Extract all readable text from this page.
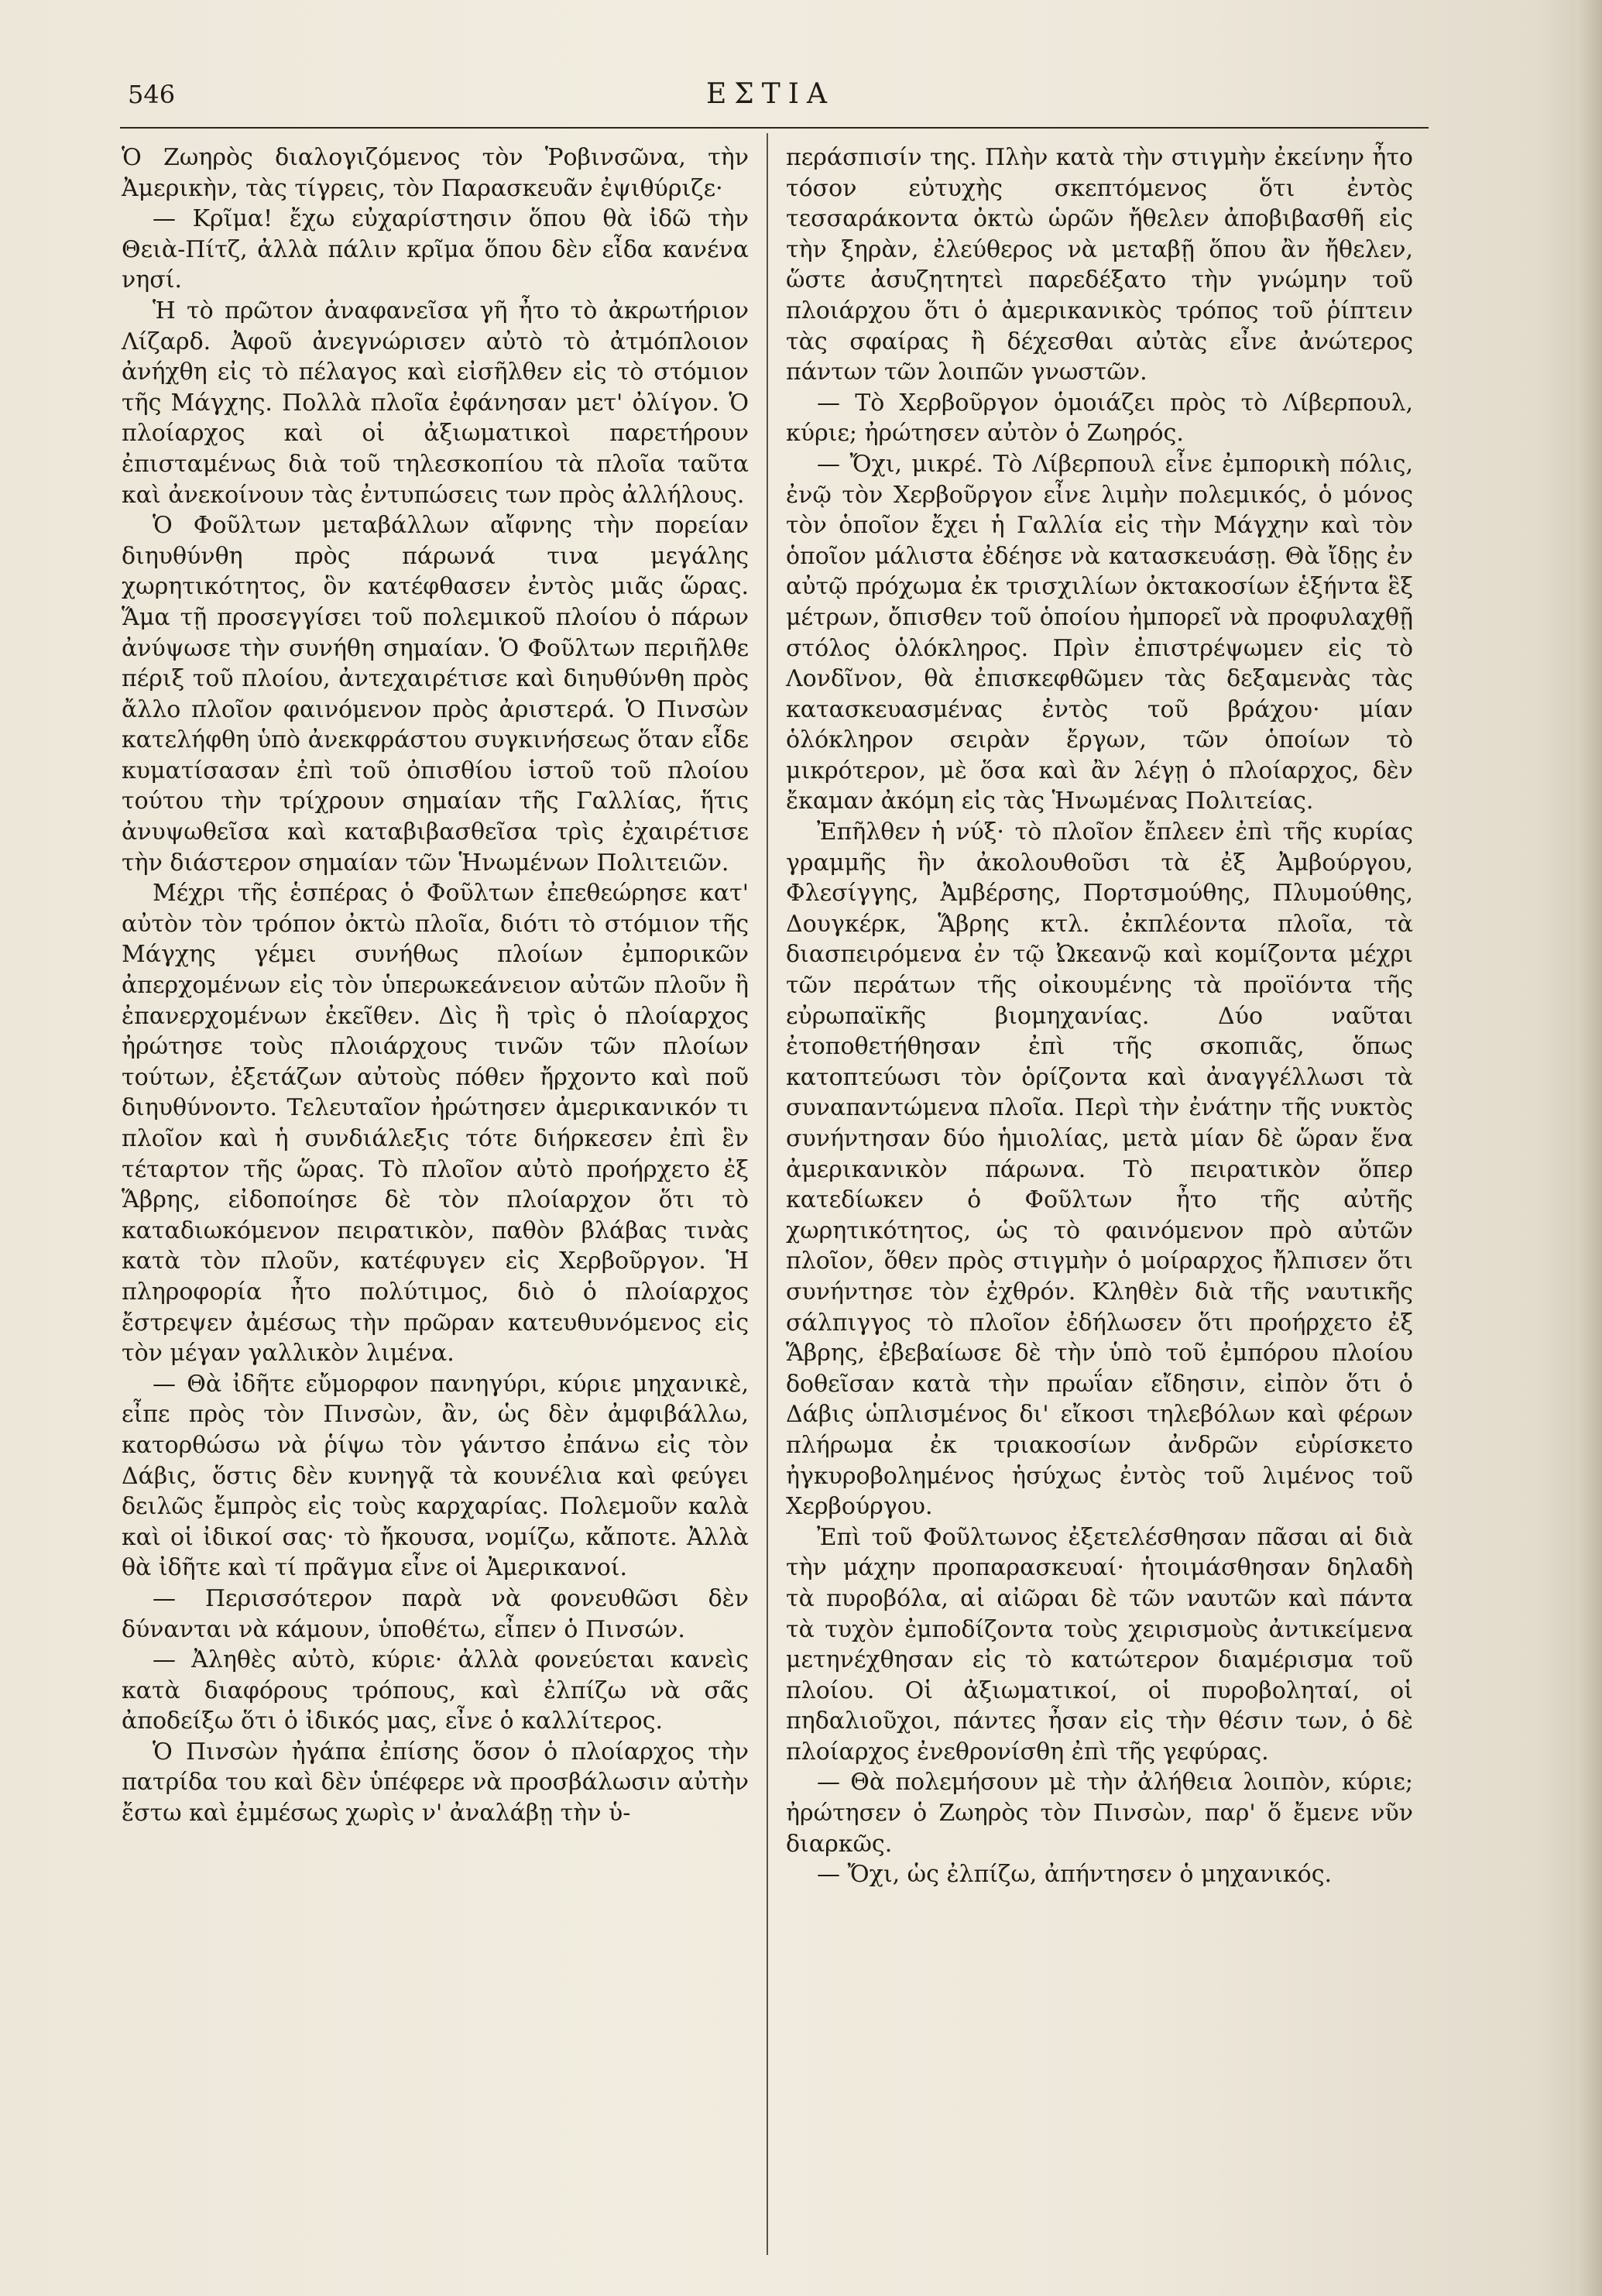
546	ΕΣΤΙΑ

Ὁ Ζωηρὸς διαλογιζόμενος τὸν Ῥοβινσῶνα, τὴν Ἀμερικὴν, τὰς τίγρεις, τὸν Παρασκευᾶν ἐψιθύριζε·

— Κρῖμα! ἔχω εὐχαρίστησιν ὅπου θὰ ἰδῶ τὴν Θειὰ-Πίτζ, ἀλλὰ πάλιν κρῖμα ὅπου δὲν εἶδα κανένα νησί.

Ἡ τὸ πρῶτον ἀναφανεῖσα γῆ ἦτο τὸ ἀκρωτήριον Λίζαρδ. Ἀφοῦ ἀνεγνώρισεν αὐτὸ τὸ ἀτμόπλοιον ἀνήχθη εἰς τὸ πέλαγος καὶ εἰσῆλθεν εἰς τὸ στόμιον τῆς Μάγχης. Πολλὰ πλοῖα ἐφάνησαν μετ' ὀλίγον. Ὁ πλοίαρχος καὶ οἱ ἀξιωματικοὶ παρετήρουν ἐπισταμένως διὰ τοῦ τηλεσκοπίου τὰ πλοῖα ταῦτα καὶ ἀνεκοίνουν τὰς ἐντυπώσεις των πρὸς ἀλλήλους.

Ὁ Φοῦλτων μεταβάλλων αἴφνης τὴν πορείαν διηυθύνθη πρὸς πάρωνά τινα μεγάλης χωρητικότητος, ὃν κατέφθασεν ἐντὸς μιᾶς ὥρας. Ἅμα τῇ προσεγγίσει τοῦ πολεμικοῦ πλοίου ὁ πάρων ἀνύψωσε τὴν συνήθη σημαίαν. Ὁ Φοῦλτων περιῆλθε πέριξ τοῦ πλοίου, ἀντεχαιρέτισε καὶ διηυθύνθη πρὸς ἄλλο πλοῖον φαινόμενον πρὸς ἀριστερά. Ὁ Πινσὼν κατελήφθη ὑπὸ ἀνεκφράστου συγκινήσεως ὅταν εἶδε κυματίσασαν ἐπὶ τοῦ ὀπισθίου ἱστοῦ τοῦ πλοίου τούτου τὴν τρίχρουν σημαίαν τῆς Γαλλίας, ἥτις ἀνυψωθεῖσα καὶ καταβιβασθεῖσα τρὶς ἐχαιρέτισε τὴν διάστερον σημαίαν τῶν Ἡνωμένων Πολιτειῶν.

Μέχρι τῆς ἑσπέρας ὁ Φοῦλτων ἐπεθεώρησε κατ' αὐτὸν τὸν τρόπον ὀκτὼ πλοῖα, διότι τὸ στόμιον τῆς Μάγχης γέμει συνήθως πλοίων ἐμπορικῶν ἀπερχομένων εἰς τὸν ὑπερωκεάνειον αὐτῶν πλοῦν ἢ ἐπανερχομένων ἐκεῖθεν. Δὶς ἢ τρὶς ὁ πλοίαρχος ἠρώτησε τοὺς πλοιάρχους τινῶν τῶν πλοίων τούτων, ἐξετάζων αὐτοὺς πόθεν ἤρχοντο καὶ ποῦ διηυθύνοντο. Τελευταῖον ἠρώτησεν ἀμερικανικόν τι πλοῖον καὶ ἡ συνδιάλεξις τότε διήρκεσεν ἐπὶ ἓν τέταρτον τῆς ὥρας. Τὸ πλοῖον αὐτὸ προήρχετο ἐξ Ἅβρης, εἰδοποίησε δὲ τὸν πλοίαρχον ὅτι τὸ καταδιωκόμενον πειρατικὸν, παθὸν βλάβας τινὰς κατὰ τὸν πλοῦν, κατέφυγεν εἰς Χερβοῦργον. Ἡ πληροφορία ἦτο πολύτιμος, διὸ ὁ πλοίαρχος ἔστρεψεν ἀμέσως τὴν πρῶραν κατευθυνόμενος εἰς τὸν μέγαν γαλλικὸν λιμένα.

— Θὰ ἰδῆτε εὔμορφον πανηγύρι, κύριε μηχανικὲ, εἶπε πρὸς τὸν Πινσὼν, ἂν, ὡς δὲν ἀμφιβάλλω, κατορθώσω νὰ ῥίψω τὸν γάντσο ἐπάνω εἰς τὸν Δάβις, ὅστις δὲν κυνηγᾷ τὰ κουνέλια καὶ φεύγει δειλῶς ἔμπρὸς εἰς τοὺς καρχαρίας. Πολεμοῦν καλὰ καὶ οἱ ἰδικοί σας· τὸ ἤκουσα, νομίζω, κἄποτε. Ἀλλὰ θὰ ἰδῆτε καὶ τί πρᾶγμα εἶνε οἱ Ἀμερικανοί.

— Περισσότερον παρὰ νὰ φονευθῶσι δὲν δύνανται νὰ κάμουν, ὑποθέτω, εἶπεν ὁ Πινσών.

— Ἀληθὲς αὐτὸ, κύριε· ἀλλὰ φονεύεται κανεὶς κατὰ διαφόρους τρόπους, καὶ ἐλπίζω νὰ σᾶς ἀποδείξω ὅτι ὁ ἰδικός μας, εἶνε ὁ καλλίτερος.

Ὁ Πινσὼν ἠγάπα ἐπίσης ὅσον ὁ πλοίαρχος τὴν πατρίδα του καὶ δὲν ὑπέφερε νὰ προσβάλωσιν αὐτὴν ἔστω καὶ ἐμμέσως χωρὶς ν' ἀναλάβῃ τὴν ὑ-

περάσπισίν της. Πλὴν κατὰ τὴν στιγμὴν ἐκείνην ἦτο τόσον εὐτυχὴς σκεπτόμενος ὅτι ἐντὸς τεσσαράκοντα ὀκτὼ ὡρῶν ἤθελεν ἀποβιβασθῆ εἰς τὴν ξηρὰν, ἐλεύθερος νὰ μεταβῇ ὅπου ἂν ἤθελεν, ὥστε ἀσυζητητεὶ παρεδέξατο τὴν γνώμην τοῦ πλοιάρχου ὅτι ὁ ἀμερικανικὸς τρόπος τοῦ ῥίπτειν τὰς σφαίρας ἢ δέχεσθαι αὐτὰς εἶνε ἀνώτερος πάντων τῶν λοιπῶν γνωστῶν.

— Τὸ Χερβοῦργον ὁμοιάζει πρὸς τὸ Λίβερπουλ, κύριε; ἠρώτησεν αὐτὸν ὁ Ζωηρός.

— Ὄχι, μικρέ. Τὸ Λίβερπουλ εἶνε ἐμπορικὴ πόλις, ἐνῷ τὸν Χερβοῦργον εἶνε λιμὴν πολεμικός, ὁ μόνος τὸν ὁποῖον ἔχει ἡ Γαλλία εἰς τὴν Μάγχην καὶ τὸν ὁποῖον μάλιστα ἐδέησε νὰ κατασκευάσῃ. Θὰ ἴδῃς ἐν αὐτῷ πρόχωμα ἐκ τρισχιλίων ὀκτακοσίων ἑξήντα ἓξ μέτρων, ὄπισθεν τοῦ ὁποίου ἠμπορεῖ νὰ προφυλαχθῇ στόλος ὁλόκληρος. Πρὶν ἐπιστρέψωμεν εἰς τὸ Λονδῖνον, θὰ ἐπισκεφθῶμεν τὰς δεξαμενὰς τὰς κατασκευασμένας ἐντὸς τοῦ βράχου· μίαν ὁλόκληρον σειρὰν ἔργων, τῶν ὁποίων τὸ μικρότερον, μὲ ὅσα καὶ ἂν λέγῃ ὁ πλοίαρχος, δὲν ἔκαμαν ἀκόμη εἰς τὰς Ἡνωμένας Πολιτείας.

Ἐπῆλθεν ἡ νύξ· τὸ πλοῖον ἔπλεεν ἐπὶ τῆς κυρίας γραμμῆς ἣν ἀκολουθοῦσι τὰ ἐξ Ἀμβούργου, Φλεσίγγης, Ἀμβέρσης, Πορτσμούθης, Πλυμούθης, Δουγκέρκ, Ἅβρης κτλ. ἐκπλέοντα πλοῖα, τὰ διασπειρόμενα ἐν τῷ Ὠκεανῷ καὶ κομίζοντα μέχρι τῶν περάτων τῆς οἰκουμένης τὰ προϊόντα τῆς εὐρωπαϊκῆς βιομηχανίας. Δύο ναῦται ἐτοποθετήθησαν ἐπὶ τῆς σκοπιᾶς, ὅπως κατοπτεύωσι τὸν ὁρίζοντα καὶ ἀναγγέλλωσι τὰ συναπαντώμενα πλοῖα. Περὶ τὴν ἐνάτην τῆς νυκτὸς συνήντησαν δύο ἡμιολίας, μετὰ μίαν δὲ ὥραν ἕνα ἀμερικανικὸν πάρωνα. Τὸ πειρατικὸν ὅπερ κατεδίωκεν ὁ Φοῦλτων ἦτο τῆς αὐτῆς χωρητικότητος, ὡς τὸ φαινόμενον πρὸ αὐτῶν πλοῖον, ὅθεν πρὸς στιγμὴν ὁ μοίραρχος ἤλπισεν ὅτι συνήντησε τὸν ἐχθρόν. Κληθὲν διὰ τῆς ναυτικῆς σάλπιγγος τὸ πλοῖον ἐδήλωσεν ὅτι προήρχετο ἐξ Ἅβρης, ἐβεβαίωσε δὲ τὴν ὑπὸ τοῦ ἐμπόρου πλοίου δοθεῖσαν κατὰ τὴν πρωΐαν εἴδησιν, εἰπὸν ὅτι ὁ Δάβις ὡπλισμένος δι' εἴκοσι τηλεβόλων καὶ φέρων πλήρωμα ἐκ τριακοσίων ἀνδρῶν εὑρίσκετο ἠγκυροβολημένος ἡσύχως ἐντὸς τοῦ λιμένος τοῦ Χερβούργου.

Ἐπὶ τοῦ Φοῦλτωνος ἐξετελέσθησαν πᾶσαι αἱ διὰ τὴν μάχην προπαρασκευαί· ἡτοιμάσθησαν δηλαδὴ τὰ πυροβόλα, αἱ αἰῶραι δὲ τῶν ναυτῶν καὶ πάντα τὰ τυχὸν ἐμποδίζοντα τοὺς χειρισμοὺς ἀντικείμενα μετηνέχθησαν εἰς τὸ κατώτερον διαμέρισμα τοῦ πλοίου. Οἱ ἀξιωματικοί, οἱ πυροβοληταί, οἱ πηδαλιοῦχοι, πάντες ἦσαν εἰς τὴν θέσιν των, ὁ δὲ πλοίαρχος ἐνεθρονίσθη ἐπὶ τῆς γεφύρας.

— Θὰ πολεμήσουν μὲ τὴν ἀλήθεια λοιπὸν, κύριε; ἠρώτησεν ὁ Ζωηρὸς τὸν Πινσὼν, παρ' ὅ ἔμενε νῦν διαρκῶς.

— Ὄχι, ὡς ἐλπίζω, ἀπήντησεν ὁ μηχανικός.
